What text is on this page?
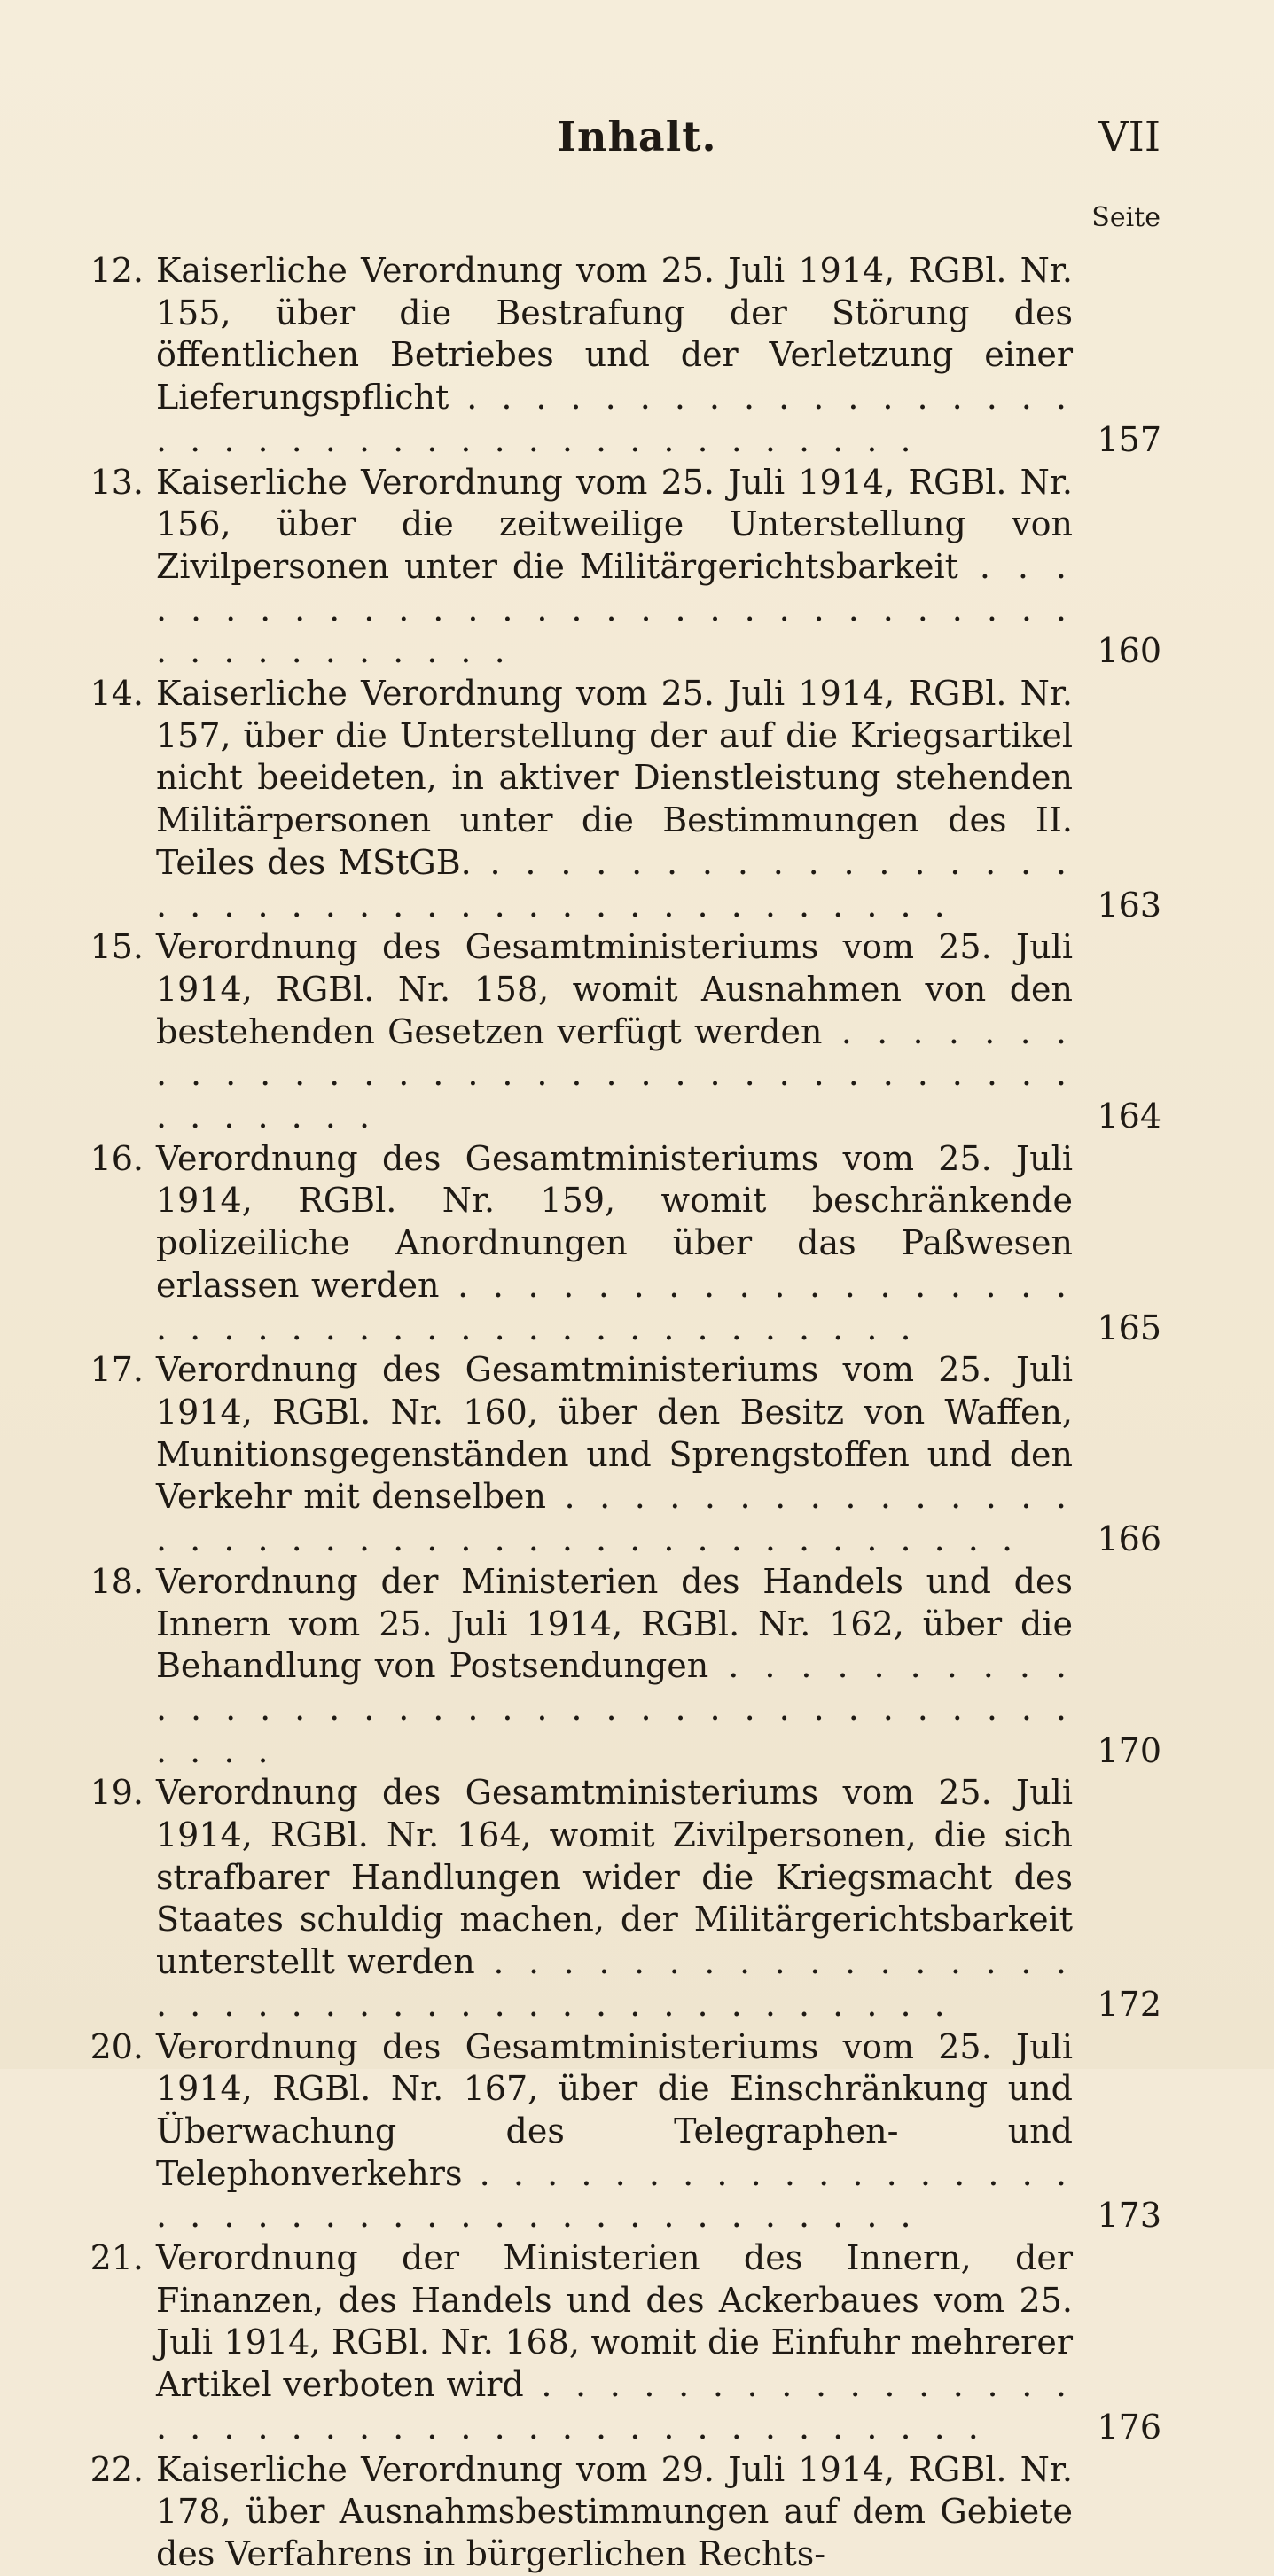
Inhalt.	VII
Seite
12. Kaiserliche Verordnung vom 25. Juli 1914, RGBl. Nr. 155, über die Bestrafung der Störung des öffentlichen Betriebes und der Verletzung einer Lieferungspflicht . . .
157
13. Kaiserliche Verordnung vom 25. Juli 1914, RGBl. Nr. 156, über die zeitweilige Unterstellung von Zivilpersonen unter die Militärgerichtsbarkeit . . .
160
14. Kaiserliche Verordnung vom 25. Juli 1914, RGBl. Nr. 157, über die Unterstellung der auf die Kriegsartikel nicht beeideten, in aktiver Dienstleistung stehenden Militärpersonen unter die Bestimmungen des II. Teiles des MStGB. . . .
163
15. Verordnung des Gesamtministeriums vom 25. Juli 1914, RGBl. Nr. 158, womit Ausnahmen von den bestehenden Gesetzen verfügt werden . . .
164
16. Verordnung des Gesamtministeriums vom 25. Juli 1914, RGBl. Nr. 159, womit beschränkende polizeiliche Anordnungen über das Paßwesen erlassen werden . . .
165
17. Verordnung des Gesamtministeriums vom 25. Juli 1914, RGBl. Nr. 160, über den Besitz von Waffen, Munitionsgegenständen und Sprengstoffen und den Verkehr mit denselben . . .
166
18. Verordnung der Ministerien des Handels und des Innern vom 25. Juli 1914, RGBl. Nr. 162, über die Behandlung von Postsendungen . . .
170
19. Verordnung des Gesamtministeriums vom 25. Juli 1914, RGBl. Nr. 164, womit Zivilpersonen, die sich strafbarer Handlungen wider die Kriegsmacht des Staates schuldig machen, der Militärgerichtsbarkeit unterstellt werden . . .
172
20. Verordnung des Gesamtministeriums vom 25. Juli 1914, RGBl. Nr. 167, über die Einschränkung und Überwachung des Telegraphen- und Telephonverkehrs . . .
173
21. Verordnung der Ministerien des Innern, der Finanzen, des Handels und des Ackerbaues vom 25. Juli 1914, RGBl. Nr. 168, womit die Einfuhr mehrerer Artikel verboten wird . . .
176
22. Kaiserliche Verordnung vom 29. Juli 1914, RGBl. Nr. 178, über Ausnahmsbestimmungen auf dem Gebiete des Verfahrens in bürgerlichen Rechts-
